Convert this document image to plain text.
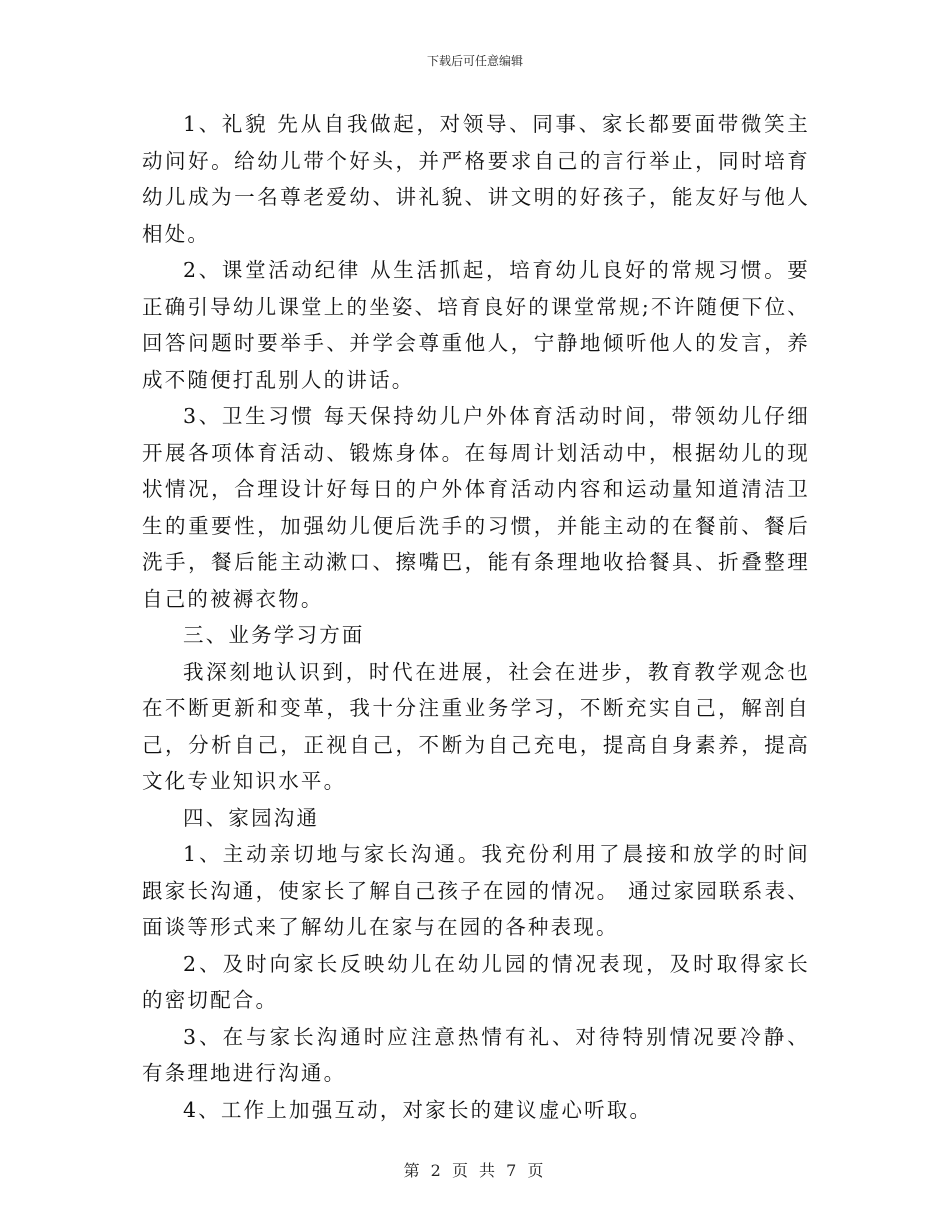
下载后可任意编辑

1、礼貌 先从自我做起，对领导、同事、家长都要面带微笑主动问好。给幼儿带个好头，并严格要求自己的言行举止，同时培育幼儿成为一名尊老爱幼、讲礼貌、讲文明的好孩子，能友好与他人相处。

2、课堂活动纪律 从生活抓起，培育幼儿良好的常规习惯。要正确引导幼儿课堂上的坐姿、培育良好的课堂常规;不许随便下位、回答问题时要举手、并学会尊重他人，宁静地倾听他人的发言，养成不随便打乱别人的讲话。

3、卫生习惯 每天保持幼儿户外体育活动时间，带领幼儿仔细开展各项体育活动、锻炼身体。在每周计划活动中，根据幼儿的现状情况，合理设计好每日的户外体育活动内容和运动量知道清洁卫生的重要性，加强幼儿便后洗手的习惯，并能主动的在餐前、餐后洗手，餐后能主动漱口、擦嘴巴，能有条理地收拾餐具、折叠整理自己的被褥衣物。

三、业务学习方面

我深刻地认识到，时代在进展，社会在进步，教育教学观念也在不断更新和变革，我十分注重业务学习，不断充实自己，解剖自己，分析自己，正视自己，不断为自己充电，提高自身素养，提高文化专业知识水平。

四、家园沟通

1、主动亲切地与家长沟通。我充份利用了晨接和放学的时间跟家长沟通，使家长了解自己孩子在园的情况。 通过家园联系表、面谈等形式来了解幼儿在家与在园的各种表现。

2、及时向家长反映幼儿在幼儿园的情况表现，及时取得家长的密切配合。

3、在与家长沟通时应注意热情有礼、对待特别情况要冷静、有条理地进行沟通。

4、工作上加强互动，对家长的建议虚心听取。

第 2 页 共 7 页
